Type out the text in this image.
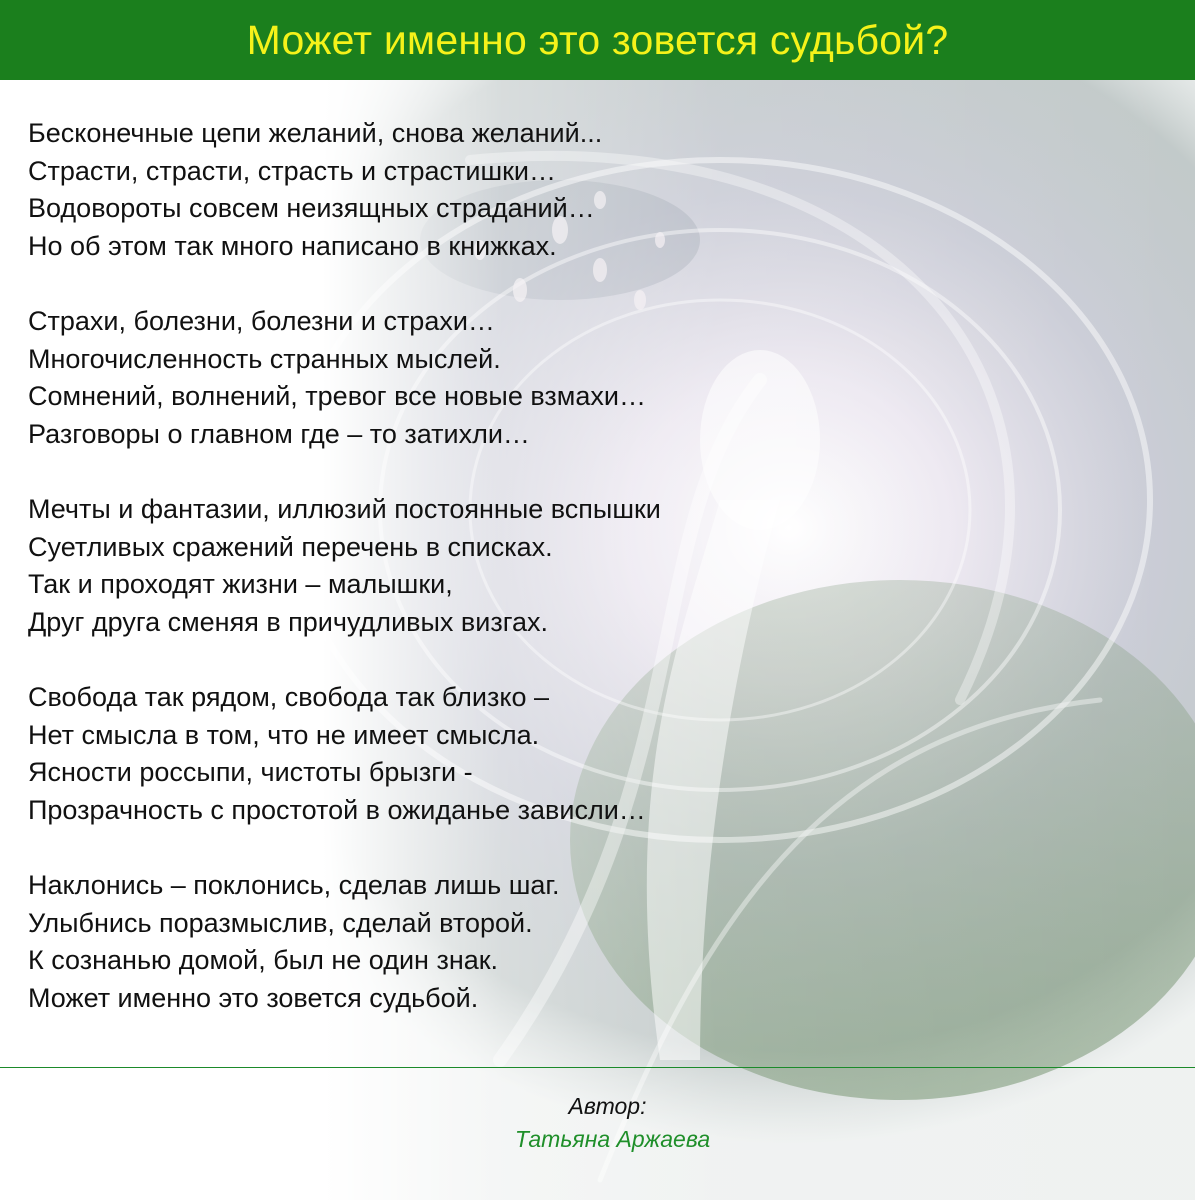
Может именно это зовется судьбой?
Бесконечные цепи желаний, снова желаний...
Страсти, страсти, страсть и страстишки…
Водовороты совсем неизящных страданий…
Но об этом так много написано в книжках.
Страхи, болезни, болезни и страхи…
Многочисленность странных мыслей.
Сомнений, волнений, тревог все новые взмахи…
Разговоры о главном где – то затихли…
Мечты и фантазии, иллюзий постоянные вспышки
Суетливых сражений перечень в списках.
Так и проходят жизни – малышки,
Друг друга сменяя в причудливых визгах.
Свобода так рядом, свобода так близко –
Нет смысла в том, что не имеет смысла.
Ясности россыпи, чистоты брызги -
Прозрачность с простотой в ожиданье зависли…
Наклонись – поклонись, сделав лишь шаг.
Улыбнись поразмыслив, сделай второй.
К сознанью домой, был не один знак.
Может именно это зовется судьбой.
Автор:
Татьяна Аржаева
